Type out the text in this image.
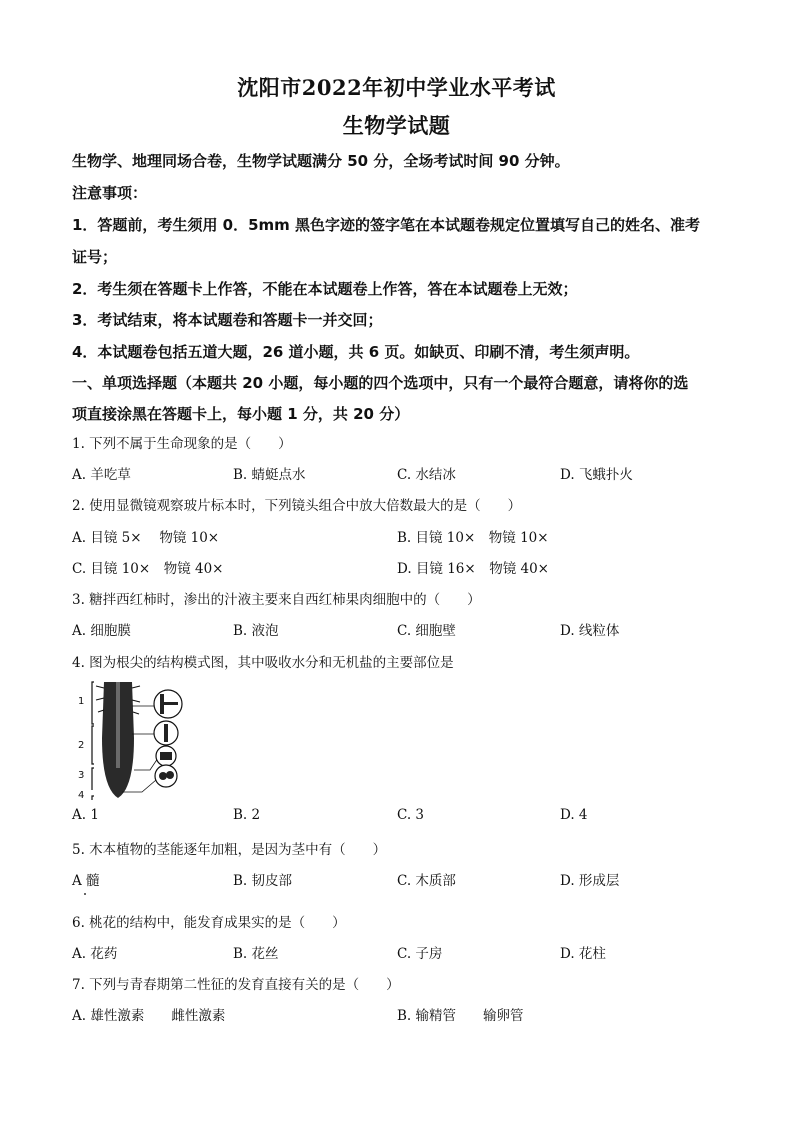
沈阳市2022年初中学业水平考试
生物学试题
生物学、地理同场合卷，生物学试题满分 50 分，全场考试时间 90 分钟。
注意事项：
1．答题前，考生须用 0．5mm 黑色字迹的签字笔在本试题卷规定位置填写自己的姓名、准考
证号；
2．考生须在答题卡上作答，不能在本试题卷上作答，答在本试题卷上无效；
3．考试结束，将本试题卷和答题卡一并交回；
4．本试题卷包括五道大题，26 道小题，共 6 页。如缺页、印刷不清，考生须声明。
一、单项选择题（本题共 20 小题，每小题的四个选项中，只有一个最符合题意，请将你的选
项直接涂黑在答题卡上，每小题 1 分，共 20 分）
1. 下列不属于生命现象的是（　　）
A. 羊吃草	B. 蜻蜓点水	C. 水结冰	D. 飞蛾扑火
2. 使用显微镜观察玻片标本时，下列镜头组合中放大倍数最大的是（　　）
A. 目镜 5×　 物镜 10×	B. 目镜 10×　物镜 10×
C. 目镜 10×　物镜 40×	D. 目镜 16×　物镜 40×
3. 糖拌西红柿时，渗出的汁液主要来自西红柿果肉细胞中的（　　）
A. 细胞膜	B. 液泡	C. 细胞壁	D. 线粒体
4. 图为根尖的结构模式图，其中吸收水分和无机盐的主要部位是
1
2
3
4
A. 1	B. 2	C. 3	D. 4
5. 木本植物的茎能逐年加粗，是因为茎中有（　　）
A 髓	B. 韧皮部	C. 木质部	D. 形成层
6. 桃花的结构中，能发育成果实的是（　　）
A. 花药	B. 花丝	C. 子房	D. 花柱
7. 下列与青春期第二性征的发育直接有关的是（　　）
A. 雄性激素　　雌性激素	B. 输精管　　输卵管
